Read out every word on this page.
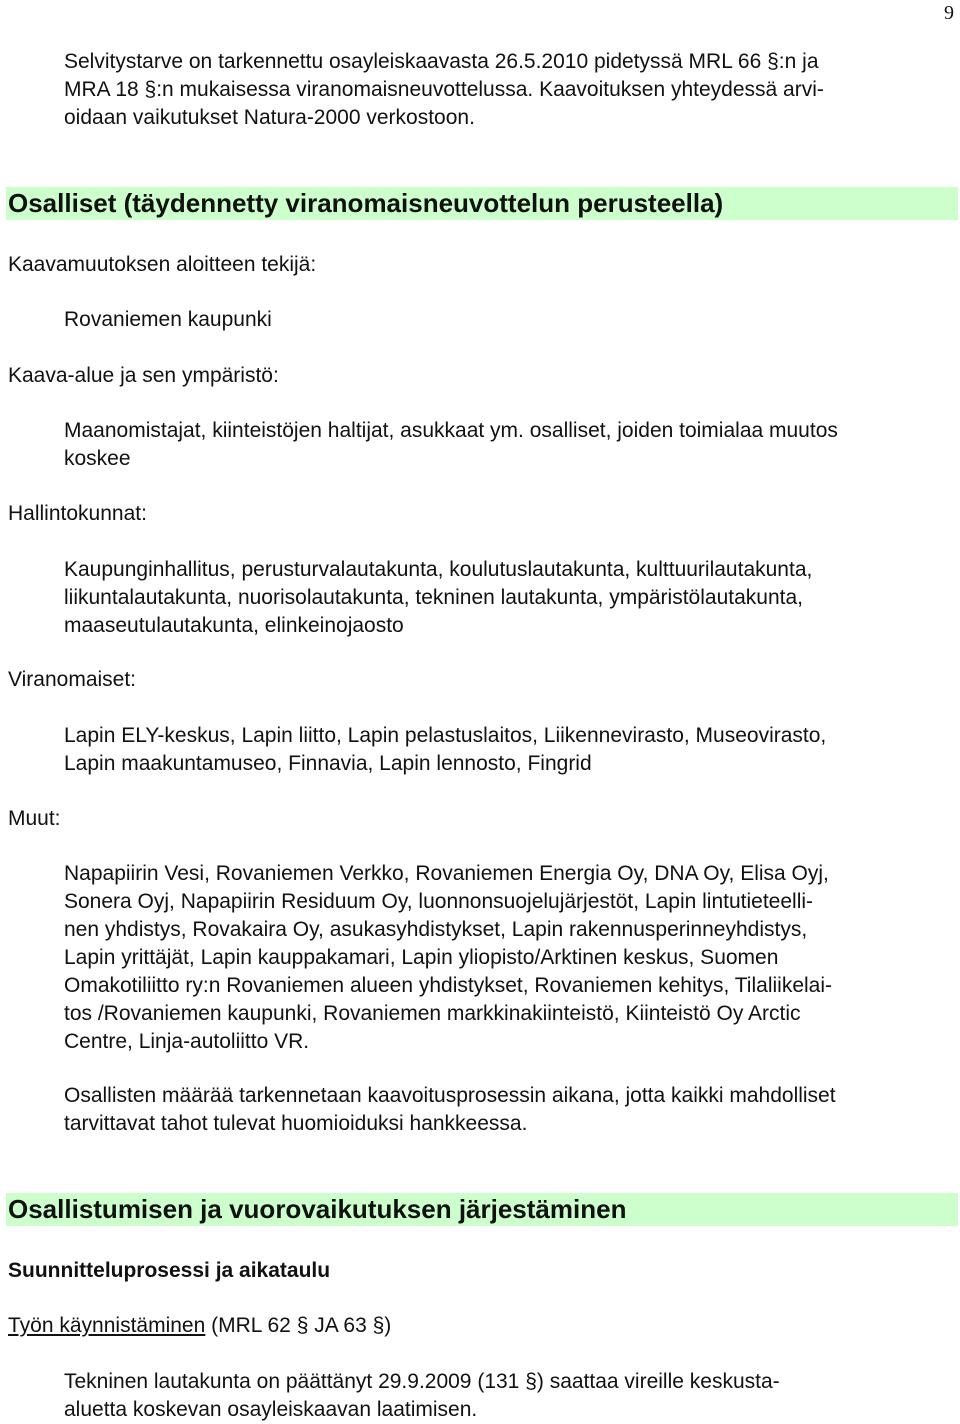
9
Selvitystarve on tarkennettu osayleiskaavasta 26.5.2010 pidetyssä MRL 66 §:n ja
MRA 18 §:n mukaisessa viranomaisneuvottelussa. Kaavoituksen yhteydessä arvi-
oidaan vaikutukset Natura-2000 verkostoon.
Osalliset (täydennetty viranomaisneuvottelun perusteella)
Kaavamuutoksen aloitteen tekijä:
Rovaniemen kaupunki
Kaava-alue ja sen ympäristö:
Maanomistajat, kiinteistöjen haltijat, asukkaat ym. osalliset, joiden toimialaa muutos
koskee
Hallintokunnat:
Kaupunginhallitus, perusturvalautakunta, koulutuslautakunta, kulttuurilautakunta,
liikuntalautakunta, nuorisolautakunta, tekninen lautakunta, ympäristölautakunta,
maaseutulautakunta, elinkeinojaosto
Viranomaiset:
Lapin ELY-keskus, Lapin liitto, Lapin pelastuslaitos, Liikennevirasto, Museovirasto,
Lapin maakuntamuseo, Finnavia, Lapin lennosto, Fingrid
Muut:
Napapiirin Vesi, Rovaniemen Verkko, Rovaniemen Energia Oy, DNA Oy, Elisa Oyj,
Sonera Oyj, Napapiirin Residuum Oy, luonnonsuojelujärjestöt, Lapin lintutieteelli-
nen yhdistys, Rovakaira Oy, asukasyhdistykset, Lapin rakennusperinneyhdistys,
Lapin yrittäjät, Lapin kauppakamari, Lapin yliopisto/Arktinen keskus, Suomen
Omakotiliitto ry:n Rovaniemen alueen yhdistykset, Rovaniemen kehitys, Tilaliikelai-
tos /Rovaniemen kaupunki, Rovaniemen markkinakiinteistö, Kiinteistö Oy Arctic
Centre, Linja-autoliitto VR.
Osallisten määrää tarkennetaan kaavoitusprosessin aikana, jotta kaikki mahdolliset
tarvittavat tahot tulevat huomioiduksi hankkeessa.
Osallistumisen ja vuorovaikutuksen järjestäminen
Suunnitteluprosessi ja aikataulu
Työn käynnistäminen (MRL 62 § JA 63 §)
Tekninen lautakunta on päättänyt 29.9.2009 (131 §) saattaa vireille keskusta-
aluetta koskevan osayleiskaavan laatimisen.
